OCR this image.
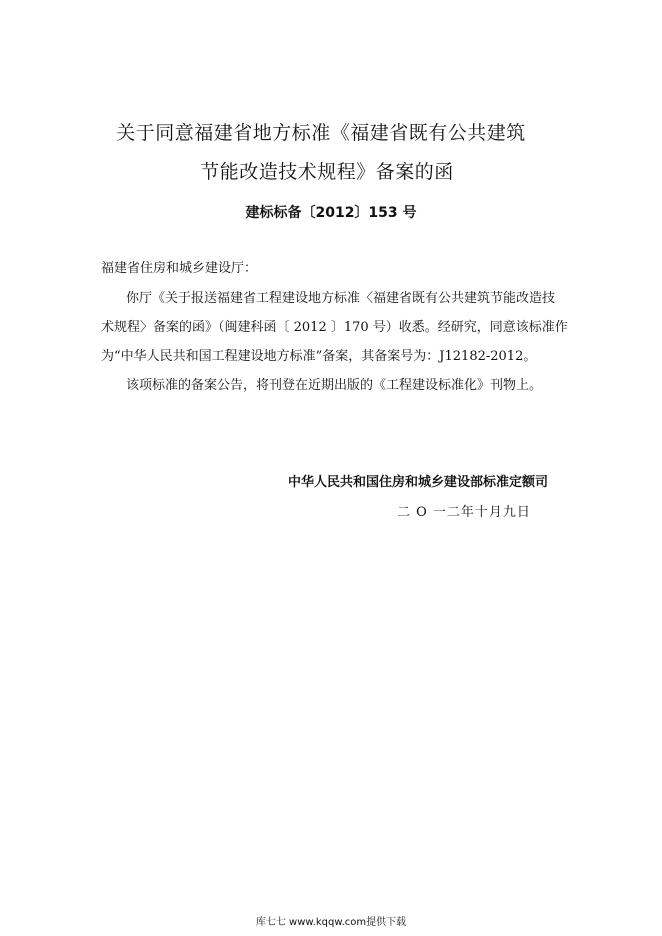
关于同意福建省地方标准《福建省既有公共建筑
节能改造技术规程》备案的函
建标标备〔2012〕153 号
福建省住房和城乡建设厅：
你厅《关于报送福建省工程建设地方标准〈福建省既有公共建筑节能改造技
术规程〉备案的函》（闽建科函〔 2012 〕170 号）收悉。经研究，同意该标准作
为“中华人民共和国工程建设地方标准”备案，其备案号为：J12182-2012。
该项标准的备案公告，将刊登在近期出版的《工程建设标准化》刊物上。
中华人民共和国住房和城乡建设部标准定额司
二 O 一二年十月九日
库七七 www.kqqw.com提供下载
